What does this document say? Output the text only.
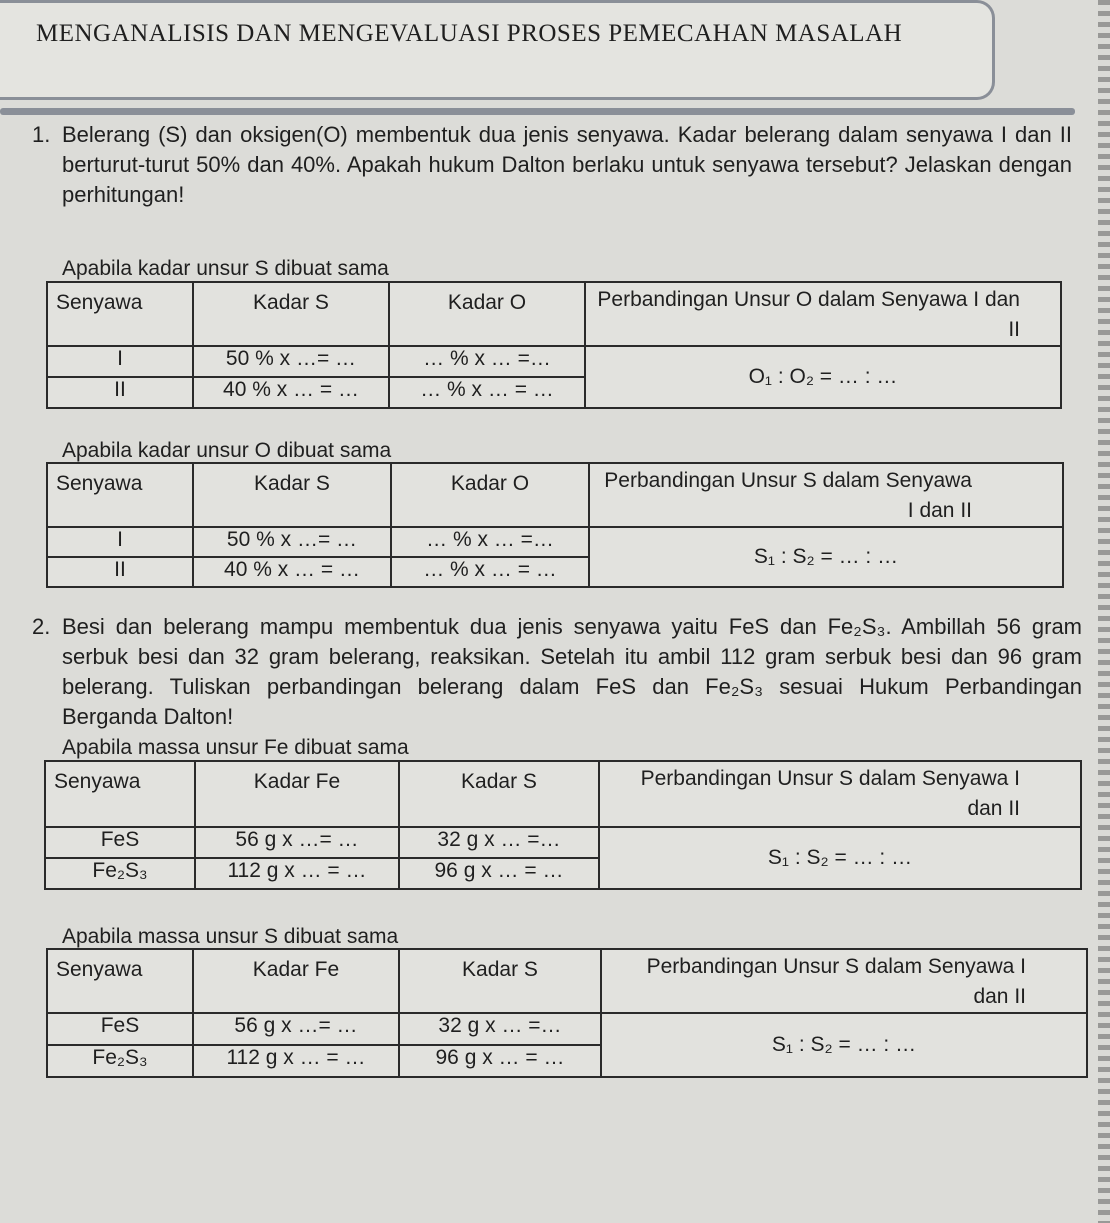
MENGANALISIS DAN MENGEVALUASI PROSES PEMECAHAN MASALAH
1. Belerang (S) dan oksigen(O) membentuk dua jenis senyawa. Kadar belerang dalam senyawa I dan II berturut-turut 50% dan 40%. Apakah hukum Dalton berlaku untuk senyawa tersebut? Jelaskan dengan perhitungan!
Apabila kadar unsur S dibuat sama
Senyawa	Kadar S	Kadar O	Perbandingan Unsur O dalam Senyawa I dan II
I	50 % x …= …	… % x … =…	O₁ : O₂ = … : …
II	40 % x … = …	… % x … = …	
Apabila kadar unsur O dibuat sama
Senyawa	Kadar S	Kadar O	Perbandingan Unsur S dalam Senyawa I dan II
I	50 % x …= …	… % x … =…	S₁ : S₂ = … : …
II	40 % x … = …	… % x … = …	
2. Besi dan belerang mampu membentuk dua jenis senyawa yaitu FeS dan Fe₂S₃. Ambillah 56 gram serbuk besi dan 32 gram belerang, reaksikan. Setelah itu ambil 112 gram serbuk besi dan 96 gram belerang. Tuliskan perbandingan belerang dalam FeS dan Fe₂S₃ sesuai Hukum Perbandingan Berganda Dalton!
Apabila massa unsur Fe dibuat sama
Senyawa	Kadar Fe	Kadar S	Perbandingan Unsur S dalam Senyawa I dan II
FeS	56 g x …= …	32 g x … =…	S₁ : S₂ = … : …
Fe₂S₃	112 g x … = …	96 g x … = …	
Apabila massa unsur S dibuat sama
Senyawa	Kadar Fe	Kadar S	Perbandingan Unsur S dalam Senyawa I dan II
FeS	56 g x …= …	32 g x … =…	S₁ : S₂ = … : …
Fe₂S₃	112 g x … = …	96 g x … = …	
